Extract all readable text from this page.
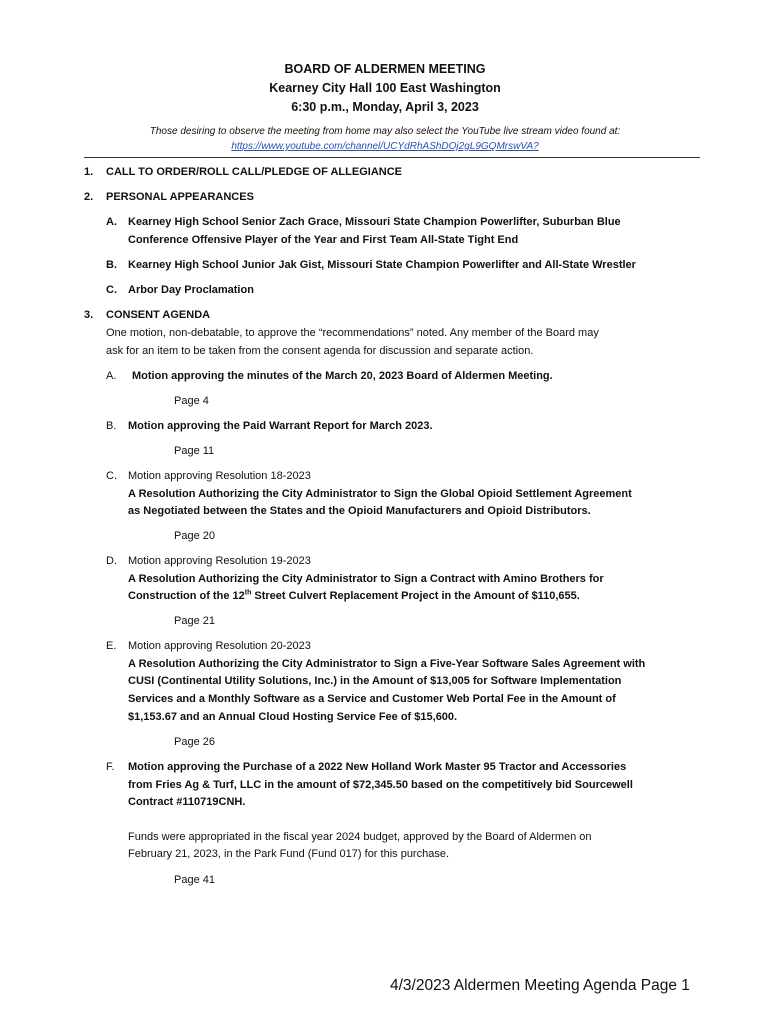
BOARD OF ALDERMEN MEETING
Kearney City Hall 100 East Washington
6:30 p.m., Monday, April 3, 2023
Those desiring to observe the meeting from home may also select the YouTube live stream video found at:
https://www.youtube.com/channel/UCYdRhAShDOj2gL9GQMrswVA?
1. CALL TO ORDER/ROLL CALL/PLEDGE OF ALLEGIANCE
2. PERSONAL APPEARANCES
A. Kearney High School Senior Zach Grace, Missouri State Champion Powerlifter, Suburban Blue
Conference Offensive Player of the Year and First Team All-State Tight End
B. Kearney High School Junior Jak Gist, Missouri State Champion Powerlifter and All-State Wrestler
C. Arbor Day Proclamation
3. CONSENT AGENDA
One motion, non-debatable, to approve the “recommendations” noted. Any member of the Board may
ask for an item to be taken from the consent agenda for discussion and separate action.
A. Motion approving the minutes of the March 20, 2023 Board of Aldermen Meeting.
Page 4
B. Motion approving the Paid Warrant Report for March 2023.
Page 11
C. Motion approving Resolution 18-2023
A Resolution Authorizing the City Administrator to Sign the Global Opioid Settlement Agreement
as Negotiated between the States and the Opioid Manufacturers and Opioid Distributors.
Page 20
D. Motion approving Resolution 19-2023
A Resolution Authorizing the City Administrator to Sign a Contract with Amino Brothers for
Construction of the 12th Street Culvert Replacement Project in the Amount of $110,655.
Page 21
E. Motion approving Resolution 20-2023
A Resolution Authorizing the City Administrator to Sign a Five-Year Software Sales Agreement with
CUSI (Continental Utility Solutions, Inc.) in the Amount of $13,005 for Software Implementation
Services and a Monthly Software as a Service and Customer Web Portal Fee in the Amount of
$1,153.67 and an Annual Cloud Hosting Service Fee of $15,600.
Page 26
F. Motion approving the Purchase of a 2022 New Holland Work Master 95 Tractor and Accessories
from Fries Ag & Turf, LLC in the amount of $72,345.50 based on the competitively bid Sourcewell
Contract #110719CNH.
Funds were appropriated in the fiscal year 2024 budget, approved by the Board of Aldermen on
February 21, 2023, in the Park Fund (Fund 017) for this purchase.
Page 41
4/3/2023 Aldermen Meeting Agenda Page 1
